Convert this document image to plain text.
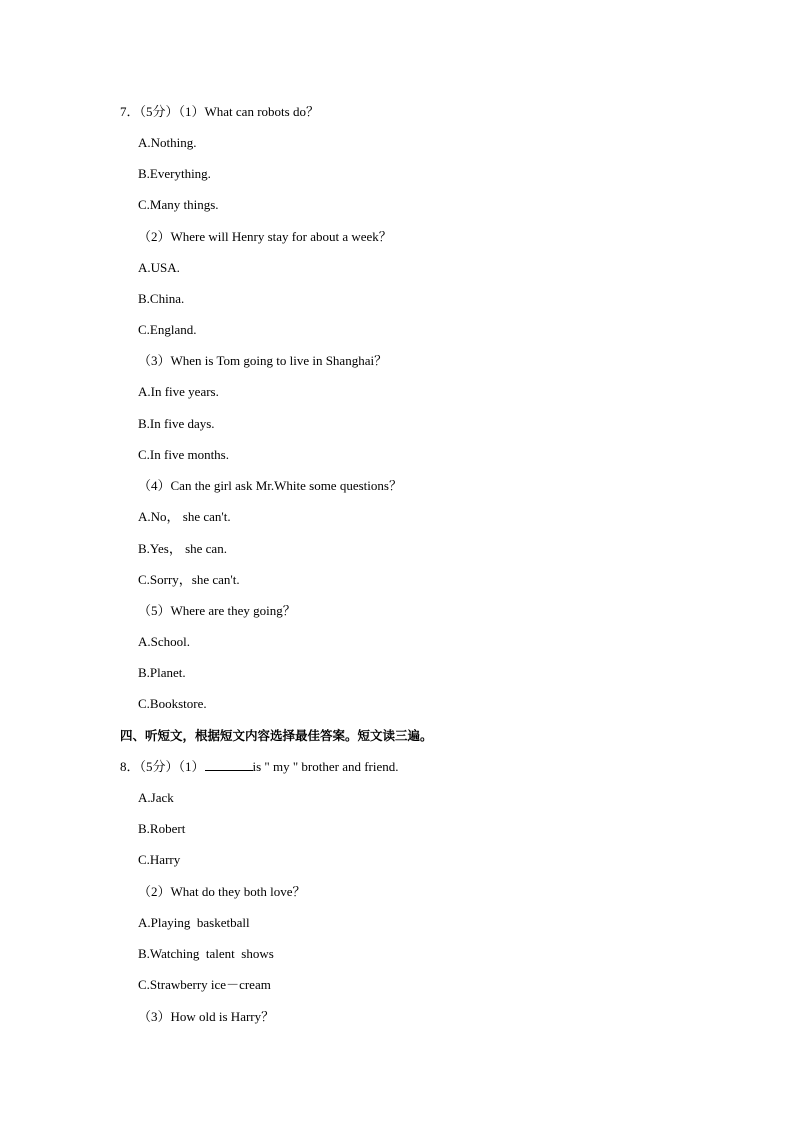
7．（5分）（1）What can robots do？
A.Nothing.
B.Everything.
C.Many things.
（2）Where will Henry stay for about a week？
A.USA.
B.China.
C.England.
（3）When is Tom going to live in Shanghai？
A.In five years.
B.In five days.
C.In five months.
（4）Can the girl ask Mr.White some questions？
A.No， she can't.
B.Yes， she can.
C.Sorry，she can't.
（5）Where are they going？
A.School.
B.Planet.
C.Bookstore.
四、听短文，根据短文内容选择最佳答案。短文读三遍。
8．（5分）（1）	is " my " brother and friend.
A.Jack
B.Robert
C.Harry
（2）What do they both love？
A.Playing  basketball
B.Watching  talent  shows
C.Strawberry ice－cream
（3）How old is Harry？
